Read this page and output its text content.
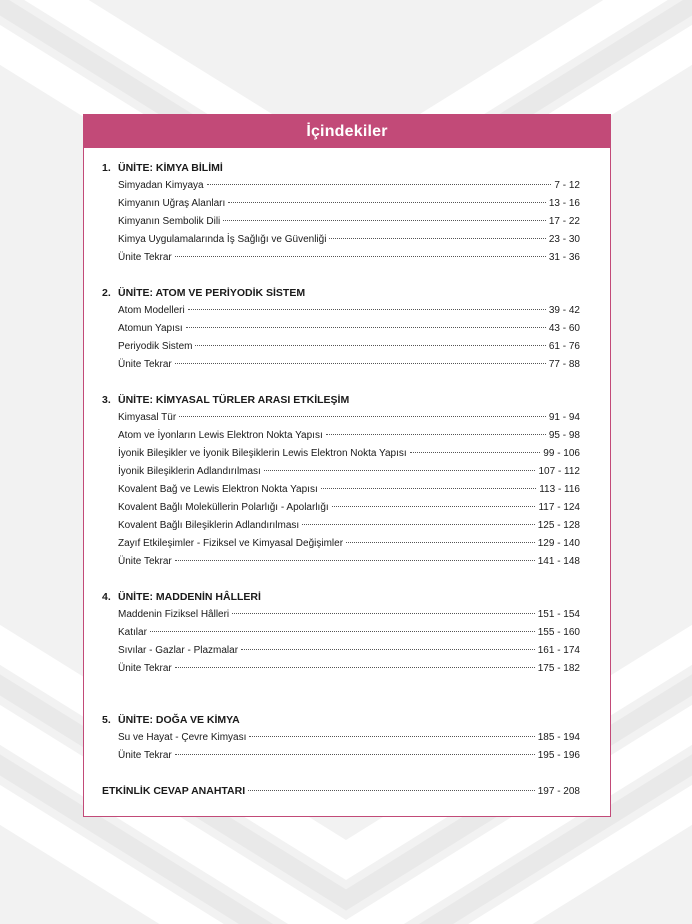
İçindekiler
1. ÜNİTE: KİMYA BİLİMİ
Simyadan Kimyaya	7 - 12
Kimyanın Uğraş Alanları	13 - 16
Kimyanın Sembolik Dili	17 - 22
Kimya Uygulamalarında İş Sağlığı ve Güvenliği	23 - 30
Ünite Tekrar	31 - 36
2. ÜNİTE: ATOM VE PERİYODİK SİSTEM
Atom Modelleri	39 - 42
Atomun Yapısı	43 - 60
Periyodik Sistem	61 - 76
Ünite Tekrar	77 - 88
3. ÜNİTE: KİMYASAL TÜRLER ARASI ETKİLEŞİM
Kimyasal Tür	91 - 94
Atom ve İyonların Lewis Elektron Nokta Yapısı	95 - 98
İyonik Bileşikler ve İyonik Bileşiklerin Lewis Elektron Nokta Yapısı	99 - 106
İyonik Bileşiklerin Adlandırılması	107 - 112
Kovalent Bağ ve Lewis Elektron Nokta Yapısı	113 - 116
Kovalent Bağlı Moleküllerin Polarlığı - Apolarlığı	117 - 124
Kovalent Bağlı Bileşiklerin Adlandırılması	125 - 128
Zayıf Etkileşimler - Fiziksel ve Kimyasal Değişimler	129 - 140
Ünite Tekrar	141 - 148
4. ÜNİTE: MADDENİN HÂLLERİ
Maddenin Fiziksel Hâlleri	151 - 154
Katılar	155 - 160
Sıvılar - Gazlar - Plazmalar	161 - 174
Ünite Tekrar	175 - 182
5. ÜNİTE: DOĞA VE KİMYA
Su ve Hayat - Çevre Kimyası	185 - 194
Ünite Tekrar	195 - 196
ETKİNLİK CEVAP ANAHTARI	197 - 208
